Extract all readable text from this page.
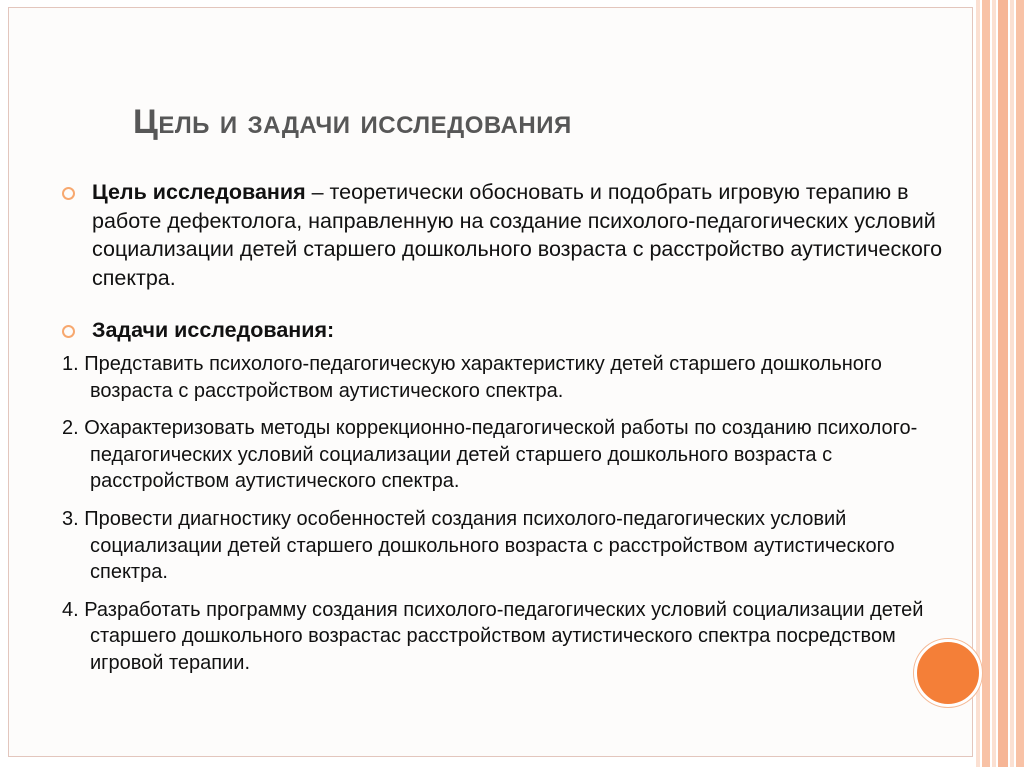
Цель и задачи исследования
Цель исследования – теоретически обосновать и подобрать игровую терапию в работе дефектолога, направленную на создание психолого-педагогических условий социализации детей старшего дошкольного возраста с расстройство аутистического спектра.
Задачи исследования:
1. Представить психолого-педагогическую характеристику детей старшего дошкольного возраста с расстройством аутистического спектра.
2. Охарактеризовать методы коррекционно-педагогической работы по созданию психолого-педагогических условий социализации детей старшего дошкольного возраста с расстройством аутистического спектра.
3. Провести диагностику особенностей создания психолого-педагогических условий социализации детей старшего дошкольного возраста с расстройством аутистического спектра.
4. Разработать программу создания психолого-педагогических условий социализации детей старшего дошкольного возрастас расстройством аутистического спектра посредством игровой терапии.
